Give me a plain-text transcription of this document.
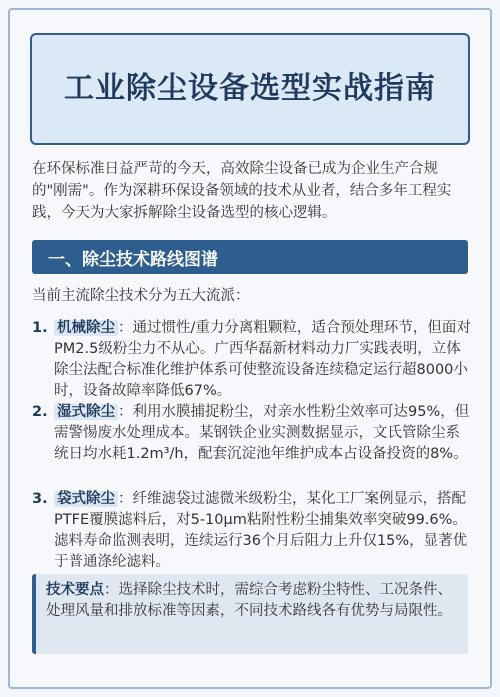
工业除尘设备选型实战指南

在环保标准日益严苛的今天，高效除尘设备已成为企业生产合规的"刚需"。作为深耕环保设备领域的技术从业者，结合多年工程实践，今天为大家拆解除尘设备选型的核心逻辑。

一、除尘技术路线图谱

当前主流除尘技术分为五大流派：

1. 机械除尘 ：通过惯性/重力分离粗颗粒，适合预处理环节，但面对PM2.5级粉尘力不从心。广西华磊新材料动力厂实践表明，立体除尘法配合标准化维护体系可使整流设备连续稳定运行超8000小时，设备故障率降低67%。
2. 湿式除尘 ：利用水膜捕捉粉尘，对亲水性粉尘效率可达95%，但需警惕废水处理成本。某钢铁企业实测数据显示，文氏管除尘系统日均水耗1.2m³/h，配套沉淀池年维护成本占设备投资的8%。
3. 袋式除尘 ：纤维滤袋过滤微米级粉尘，某化工厂案例显示，搭配PTFE覆膜滤料后，对5-10μm粘附性粉尘捕集效率突破99.6%。滤料寿命监测表明，连续运行36个月后阻力上升仅15%，显著优于普通涤纶滤料。
技术要点：选择除尘技术时，需综合考虑粉尘特性、工况条件、处理风量和排放标准等因素，不同技术路线各有优势与局限性。
